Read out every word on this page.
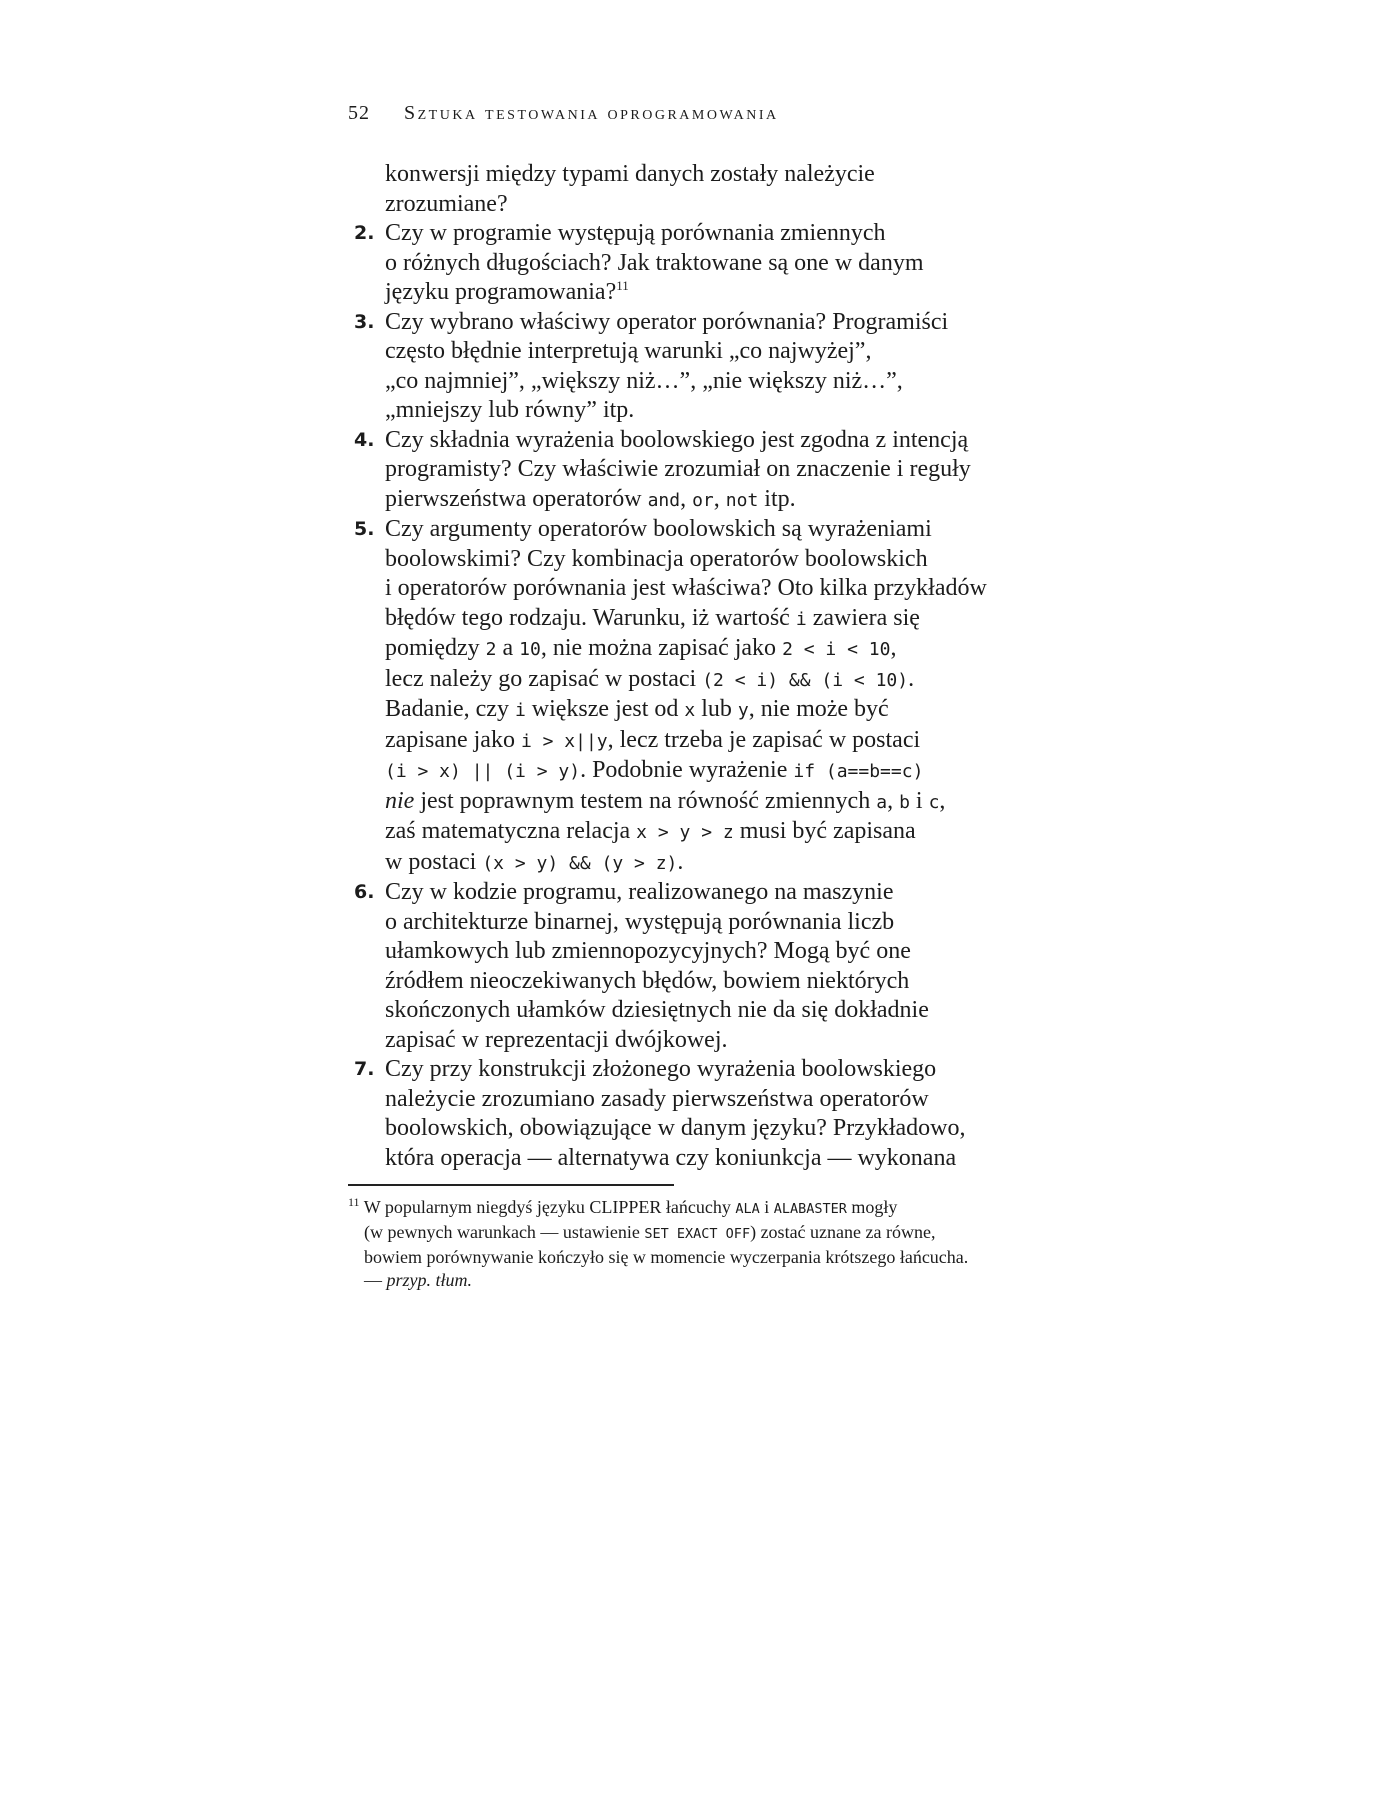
52 Sztuka testowania oprogramowania
konwersji między typami danych zostały należycie
zrozumiane?
2. Czy w programie występują porównania zmiennych
o różnych długościach? Jak traktowane są one w danym
języku programowania?$^{11}$
3. Czy wybrano właściwy operator porównania? Programiści
często błędnie interpretują warunki „co najwyżej”,
„co najmniej”, „większy niż…”, „nie większy niż…”,
„mniejszy lub równy” itp.
4. Czy składnia wyrażenia boolowskiego jest zgodna z intencją
programisty? Czy właściwie zrozumiał on znaczenie i reguły
pierwszeństwa operatorów and, or, not itp.
5. Czy argumenty operatorów boolowskich są wyrażeniami
boolowskimi? Czy kombinacja operatorów boolowskich
i operatorów porównania jest właściwa? Oto kilka przykładów
błędów tego rodzaju. Warunku, iż wartość i zawiera się
pomiędzy 2 a 10, nie można zapisać jako 2 < i < 10,
lecz należy go zapisać w postaci (2 < i) && (i < 10).
Badanie, czy i większe jest od x lub y, nie może być
zapisane jako i > x||y, lecz trzeba je zapisać w postaci
(i > x) || (i > y). Podobnie wyrażenie if (a==b==c)
nie jest poprawnym testem na równość zmiennych a, b i c,
zaś matematyczna relacja x > y > z musi być zapisana
w postaci (x > y) && (y > z).
6. Czy w kodzie programu, realizowanego na maszynie
o architekturze binarnej, występują porównania liczb
ułamkowych lub zmiennopozycyjnych? Mogą być one
źródłem nieoczekiwanych błędów, bowiem niektórych
skończonych ułamków dziesiętnych nie da się dokładnie
zapisać w reprezentacji dwójkowej.
7. Czy przy konstrukcji złożonego wyrażenia boolowskiego
należycie zrozumiano zasady pierwszeństwa operatorów
boolowskich, obowiązujące w danym języku? Przykładowo,
która operacja — alternatywa czy koniunkcja — wykonana
$^{11}$ W popularnym niegdyś języku CLIPPER łańcuchy ALA i ALABASTER mogły
(w pewnych warunkach — ustawienie SET EXACT OFF) zostać uznane za równe,
bowiem porównywanie kończyło się w momencie wyczerpania krótszego łańcucha.
— przyp. tłum.
